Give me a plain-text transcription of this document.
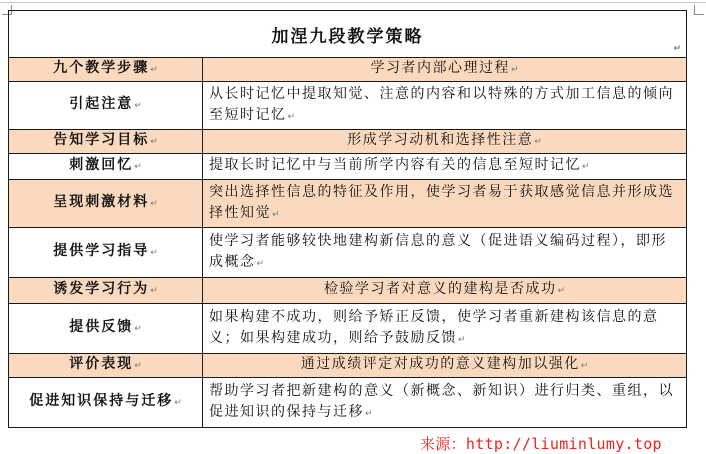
加涅九段教学策略
↵	

九个教学步骤↵	学习者内部心理过程↵
引起注意↵	从长时记忆中提取知觉、注意的内容和以特殊的方式加工信息的倾向至短时记忆↵
告知学习目标↵	形成学习动机和选择性注意↵
刺激回忆↵	提取长时记忆中与当前所学内容有关的信息至短时记忆↵
呈现刺激材料↵	突出选择性信息的特征及作用，使学习者易于获取感觉信息并形成选择性知觉↵
提供学习指导↵	使学习者能够较快地建构新信息的意义（促进语义编码过程），即形成概念↵
诱发学习行为↵	检验学习者对意义的建构是否成功↵
提供反馈↵	如果构建不成功，则给予矫正反馈，使学习者重新建构该信息的意义；如果构建成功，则给予鼓励反馈↵
评价表现↵	通过成绩评定对成功的意义建构加以强化↵
促进知识保持与迁移↵	帮助学习者把新建构的意义（新概念、新知识）进行归类、重组，以促进知识的保持与迁移↵
来源：http://liuminlumy.top
